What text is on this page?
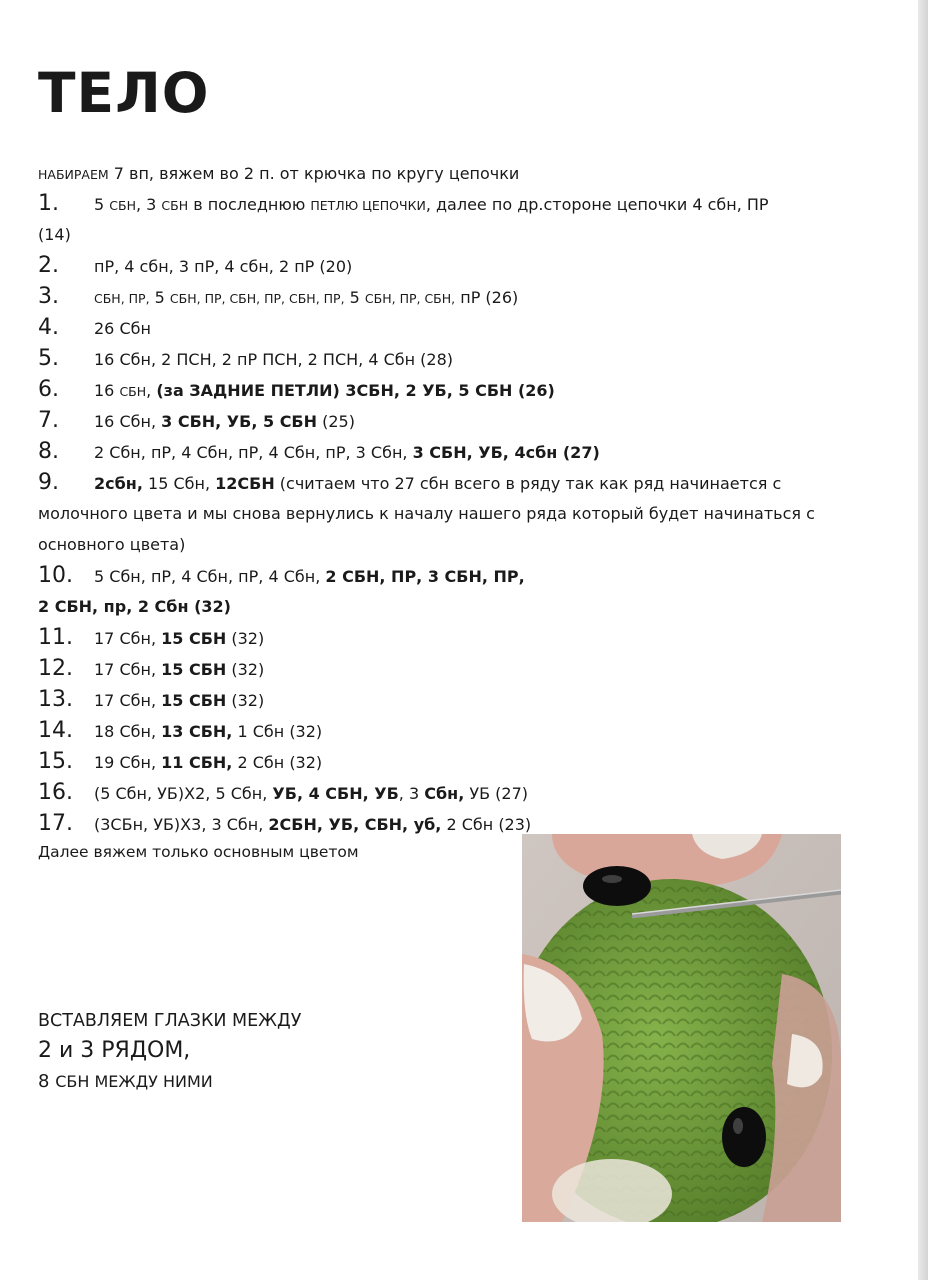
ТЕЛО
НАБИРАЕМ 7 вп, вяжем во 2 п. от крючка по кругу цепочки
1. 5 СБН, 3 СБН в последнюю ПЕТЛЮ ЦЕПОЧКИ, далее по др.стороне цепочки 4 сбн, ПР
(14)
2. пР, 4 сбн, 3 пР, 4 сбн, 2 пР (20)
3.	СБН, ПР, 5 СБН, ПР, СБН, ПР, СБН, ПР, 5 СБН, ПР, СБН, пР (26)
4. 26 Сбн
5. 16 Сбн, 2 ПСН, 2 пР ПСН, 2 ПСН, 4 Сбн (28)
6. 16 СБН, (за ЗАДНИЕ ПЕТЛИ) 3СБН, 2 УБ, 5 СБН (26)
7. 16 Сбн, 3 СБН, УБ, 5 СБН (25)
8. 2 Сбн, пР, 4 Сбн, пР, 4 Сбн, пР, 3 Сбн, 3 СБН, УБ, 4сбн (27)
9. 2сбн, 15 Сбн, 12СБН (считаем что 27 сбн всего в ряду так как ряд начинается с
молочного цвета и мы снова вернулись к началу нашего ряда который будет начинаться с
основного цвета)
10. 5 Сбн, пР, 4 Сбн, пР, 4 Сбн, 2 СБН, ПР, 3 СБН, ПР,
2 СБН, пр, 2 Сбн (32)
11. 17 Сбн, 15 СБН (32)
12. 17 Сбн, 15 СБН (32)
13. 17 Сбн, 15 СБН (32)
14. 18 Сбн, 13 СБН, 1 Сбн (32)
15. 19 Сбн, 11 СБН, 2 Сбн (32)
16. (5 Сбн, УБ)Х2, 5 Сбн, УБ, 4 СБН, УБ, 3 Сбн, УБ (27)
17. (3СБн, УБ)Х3, 3 Сбн, 2СБН, УБ, СБН, уб, 2 Сбн (23)
Далее вяжем только основным цветом
ВСТАВЛЯЕМ ГЛАЗКИ МЕЖДУ
2 и 3 РЯДОМ,
8 СБН МЕЖДУ НИМИ
